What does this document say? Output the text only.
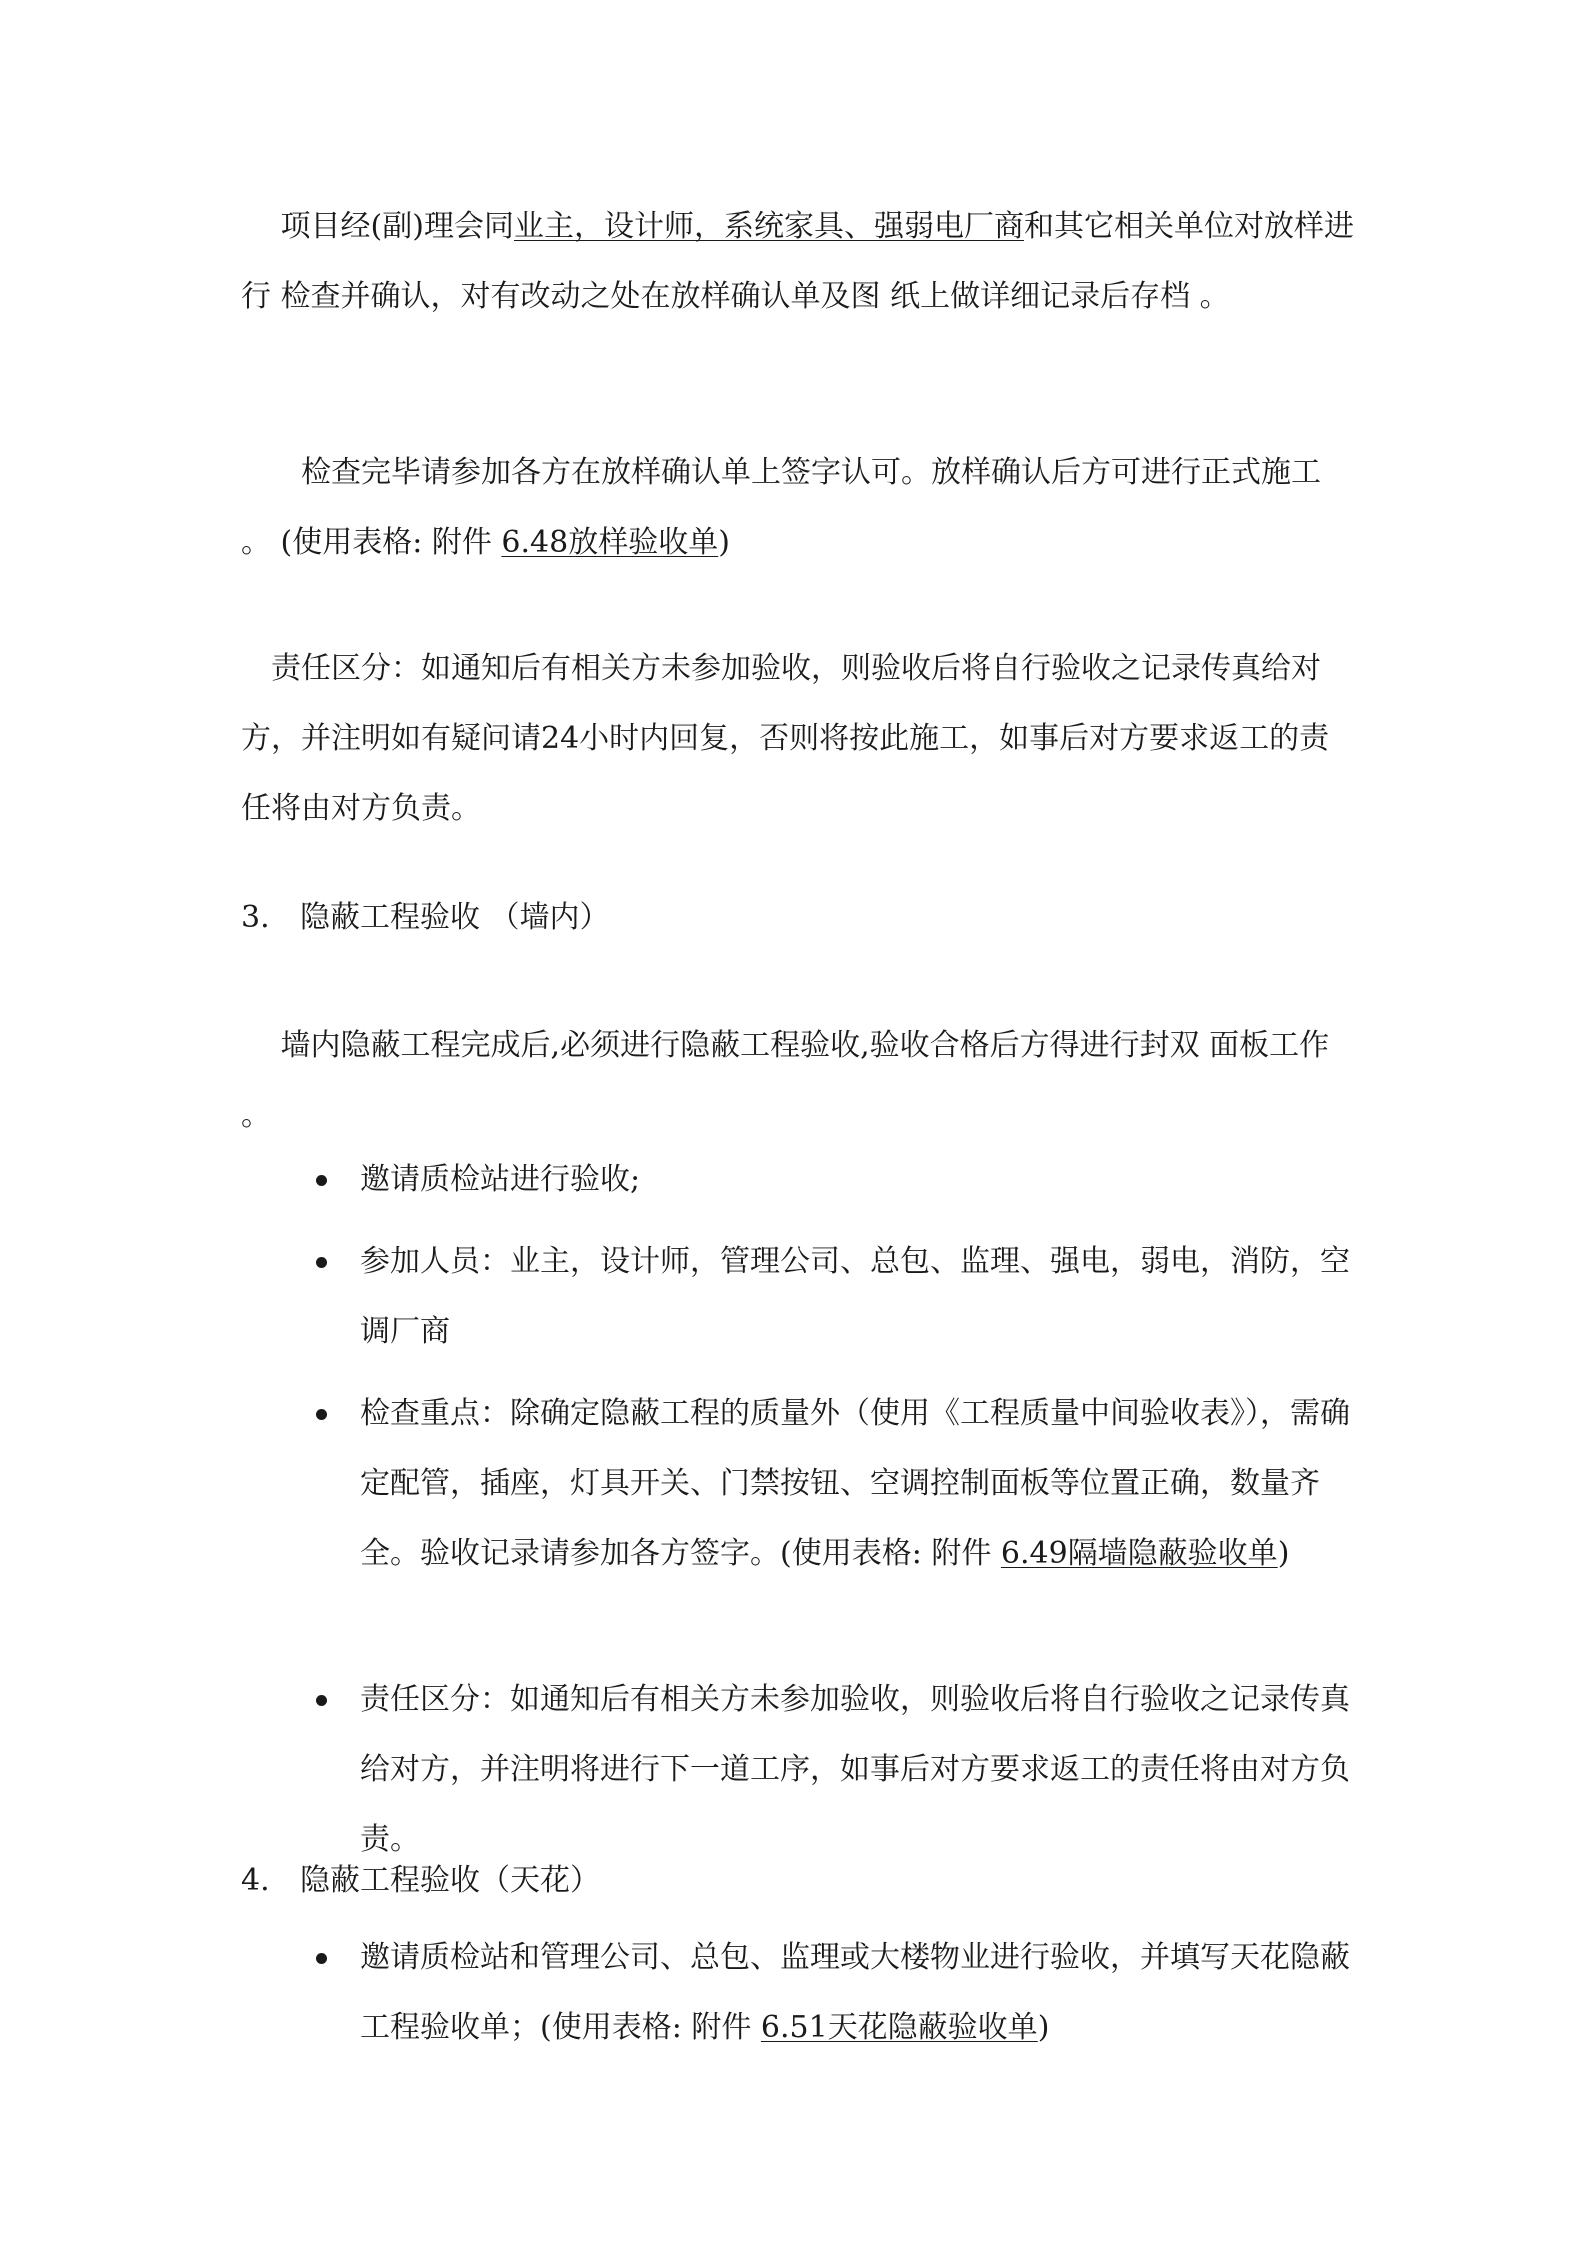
　 项目经(副)理会同业主，设计师，系统家具、强弱电厂商和其它相关单位对放样进行 检查并确认，对有改动之处在放样确认单及图 纸上做详细记录后存档 。

　　检查完毕请参加各方在放样确认单上签字认可。放样确认后方可进行正式施工 。 (使用表格: 附件 6.48放样验收单)

　责任区分：如通知后有相关方未参加验收，则验收后将自行验收之记录传真给对方，并注明如有疑问请24小时内回复，否则将按此施工，如事后对方要求返工的责任将由对方负责。

3. 隐蔽工程验收 （墙内）

　 墙内隐蔽工程完成后,必须进行隐蔽工程验收,验收合格后方得进行封双 面板工作 。

邀请质检站进行验收;
参加人员：业主，设计师，管理公司、总包、监理、强电，弱电，消防，空调厂商
检查重点：除确定隐蔽工程的质量外（使用《工程质量中间验收表》），需确定配管，插座，灯具开关、门禁按钮、空调控制面板等位置正确，数量齐全。验收记录请参加各方签字。(使用表格: 附件 6.49隔墙隐蔽验收单)
责任区分：如通知后有相关方未参加验收，则验收后将自行验收之记录传真给对方，并注明将进行下一道工序，如事后对方要求返工的责任将由对方负责。

4. 隐蔽工程验收（天花）

邀请质检站和管理公司、总包、监理或大楼物业进行验收，并填写天花隐蔽工程验收单；(使用表格: 附件 6.51天花隐蔽验收单)
